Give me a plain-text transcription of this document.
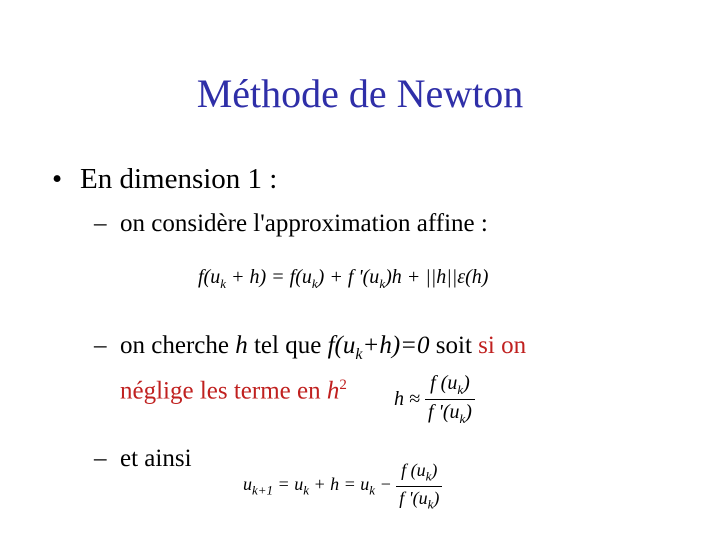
Méthode de Newton
• En dimension 1 :
– on considère l'approximation affine :
$f(u_k + h) = f(u_k) + f$ '$(u_k)h + ||h||\varepsilon(h)$
– on cherche h tel que $f(u_k+h)=0$ soit si on
néglige les terme en $h^2$
$h \approx \frac{f (u_k)}{f '(u_k)}$
– et ainsi
$u_{k+1} = u_k + h = u_k - \frac{f (u_k)}{f '(u_k)}$
